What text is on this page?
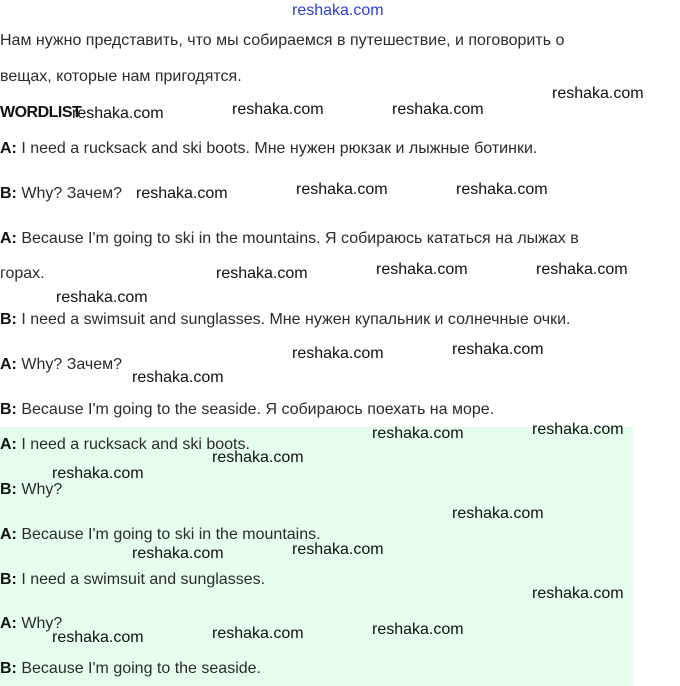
reshaka.com
Нам нужно представить, что мы собираемся в путешествие, и поговорить о
вещах, которые нам пригодятся.
WORDLIST
A: I need a rucksack and ski boots. Мне нужен рюкзак и лыжные ботинки.
B: Why? Зачем?
A: Because I'm going to ski in the mountains. Я собираюсь кататься на лыжах в
горах.
B: I need a swimsuit and sunglasses. Мне нужен купальник и солнечные очки.
A: Why? Зачем?
B: Because I'm going to the seaside. Я собираюсь поехать на море.
A: I need a rucksack and ski boots.
B: Why?
A: Because I'm going to ski in the mountains.
B: I need a swimsuit and sunglasses.
A: Why?
B: Because I'm going to the seaside.
reshaka.com	reshaka.com	reshaka.com
reshaka.com
reshaka.com	reshaka.com	reshaka.com
reshaka.com	reshaka.com	reshaka.com
reshaka.com
reshaka.com	reshaka.com
reshaka.com
reshaka.com	reshaka.com
reshaka.com
reshaka.com
reshaka.com
reshaka.com
reshaka.com
reshaka.com
reshaka.com
reshaka.com
reshaka.com
